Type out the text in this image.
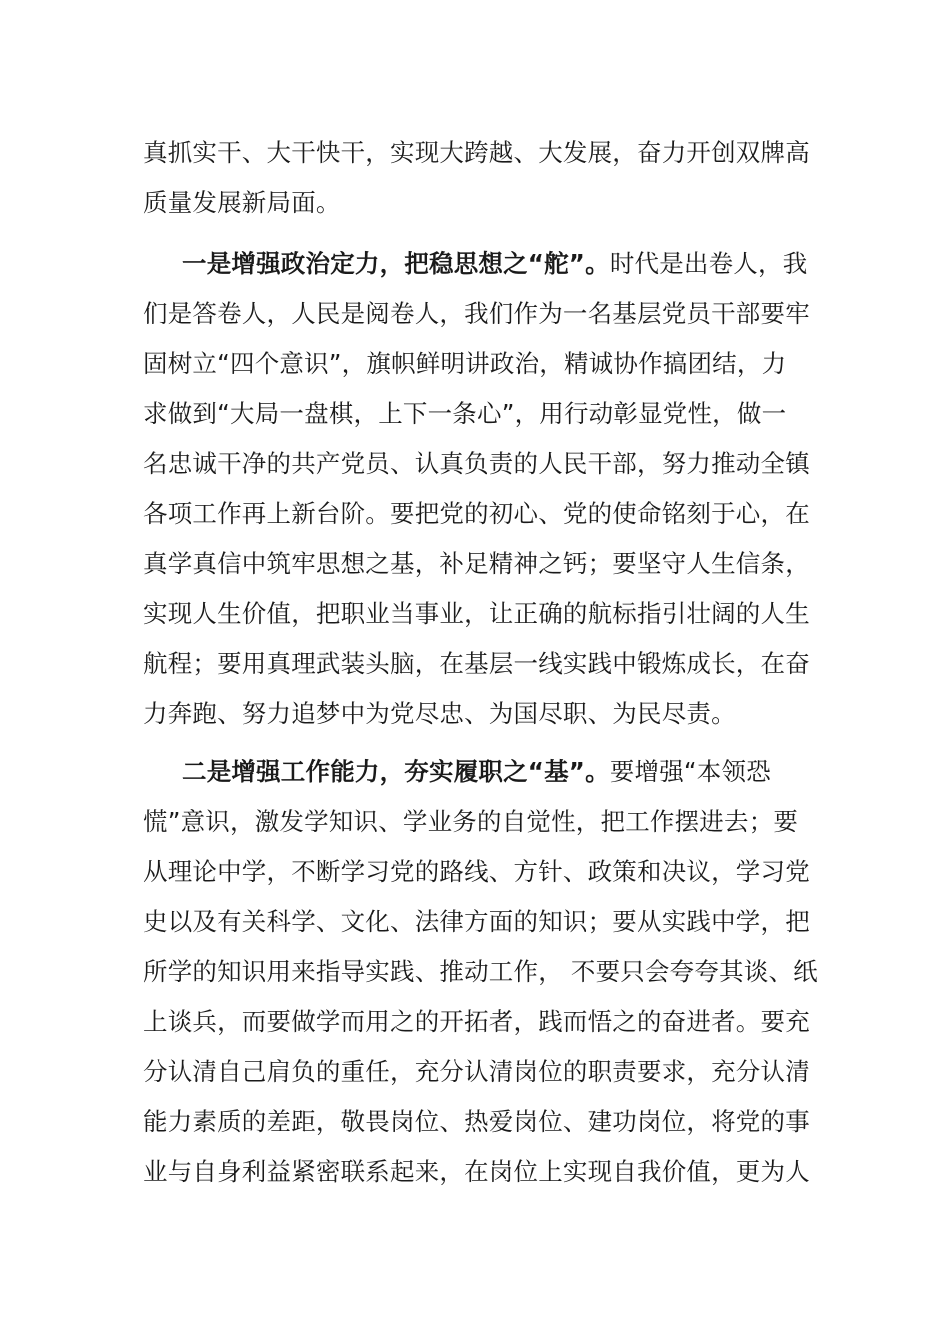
真抓实干、大干快干，实现大跨越、大发展，奋力开创双牌高
质量发展新局面。
一是增强政治定力，把稳思想之“舵”。时代是出卷人，我
们是答卷人，人民是阅卷人，我们作为一名基层党员干部要牢
固树立“四个意识”，旗帜鲜明讲政治，精诚协作搞团结，力
求做到“大局一盘棋，上下一条心”，用行动彰显党性，做一
名忠诚干净的共产党员、认真负责的人民干部，努力推动全镇
各项工作再上新台阶。要把党的初心、党的使命铭刻于心，在
真学真信中筑牢思想之基，补足精神之钙；要坚守人生信条，
实现人生价值，把职业当事业，让正确的航标指引壮阔的人生
航程；要用真理武装头脑，在基层一线实践中锻炼成长，在奋
力奔跑、努力追梦中为党尽忠、为国尽职、为民尽责。
二是增强工作能力，夯实履职之“基”。要增强“本领恐
慌”意识，激发学知识、学业务的自觉性，把工作摆进去；要
从理论中学，不断学习党的路线、方针、政策和决议，学习党
史以及有关科学、文化、法律方面的知识；要从实践中学，把
所学的知识用来指导实践、推动工作， 不要只会夸夸其谈、纸
上谈兵，而要做学而用之的开拓者，践而悟之的奋进者。要充
分认清自己肩负的重任，充分认清岗位的职责要求，充分认清
能力素质的差距，敬畏岗位、热爱岗位、建功岗位，将党的事
业与自身利益紧密联系起来，在岗位上实现自我价值，更为人
